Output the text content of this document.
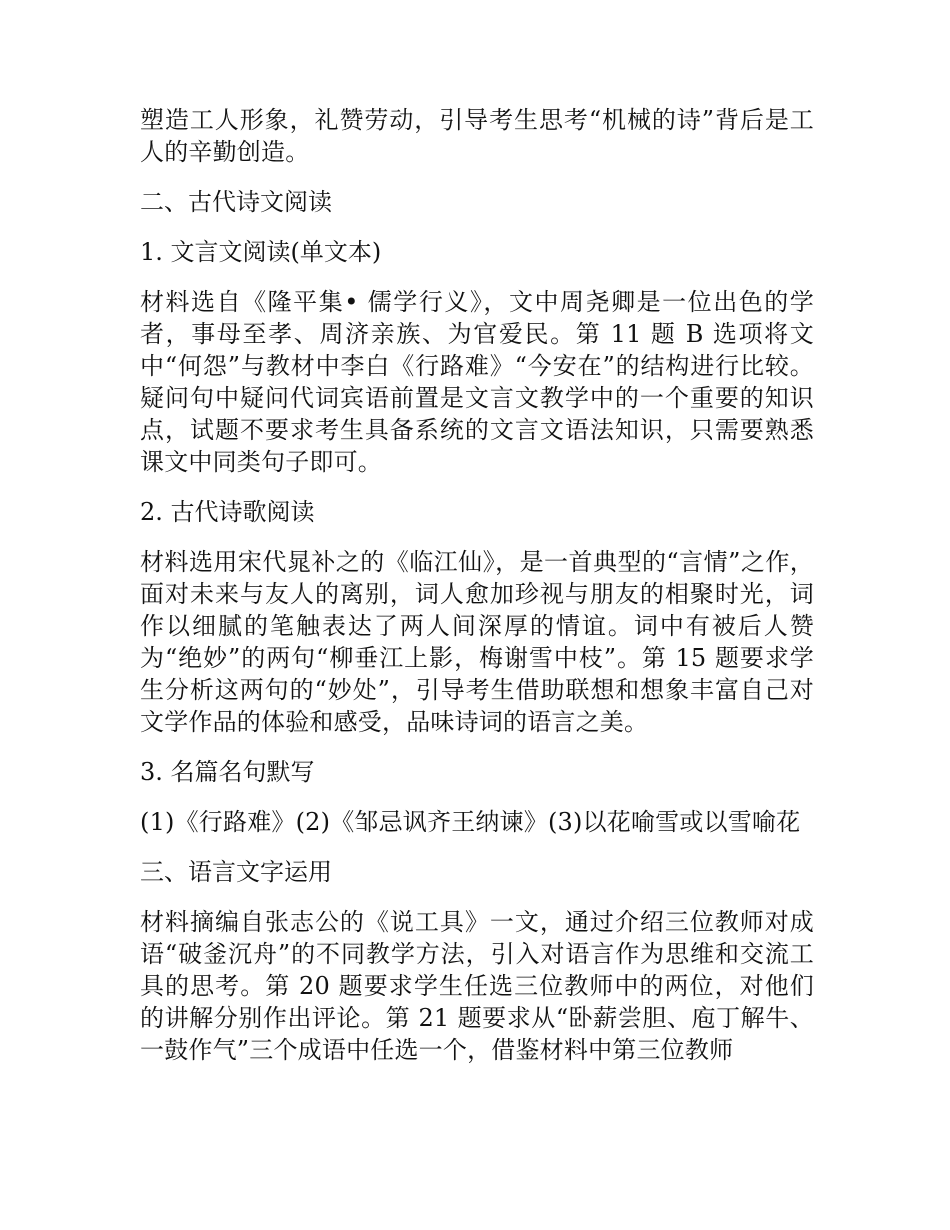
塑造工人形象，礼赞劳动，引导考生思考“机械的诗”背后是工人的辛勤创造。

二、古代诗文阅读

1. 文言文阅读(单文本)

材料选自《隆平集• 儒学行义》，文中周尧卿是一位出色的学者，事母至孝、周济亲族、为官爱民。第 11 题 B 选项将文中“何怨”与教材中李白《行路难》“今安在”的结构进行比较。疑问句中疑问代词宾语前置是文言文教学中的一个重要的知识点，试题不要求考生具备系统的文言文语法知识，只需要熟悉课文中同类句子即可。

2. 古代诗歌阅读

材料选用宋代晁补之的《临江仙》，是一首典型的“言情”之作，面对未来与友人的离别，词人愈加珍视与朋友的相聚时光，词作以细腻的笔触表达了两人间深厚的情谊。词中有被后人赞为“绝妙”的两句“柳垂江上影，梅谢雪中枝”。第 15 题要求学生分析这两句的“妙处”，引导考生借助联想和想象丰富自己对文学作品的体验和感受，品味诗词的语言之美。

3. 名篇名句默写

(1)《行路难》(2)《邹忌讽齐王纳谏》(3)以花喻雪或以雪喻花

三、语言文字运用

材料摘编自张志公的《说工具》一文，通过介绍三位教师对成语“破釜沉舟”的不同教学方法，引入对语言作为思维和交流工具的思考。第 20 题要求学生任选三位教师中的两位，对他们的讲解分别作出评论。第 21 题要求从“卧薪尝胆、庖丁解牛、一鼓作气”三个成语中任选一个，借鉴材料中第三位教师
